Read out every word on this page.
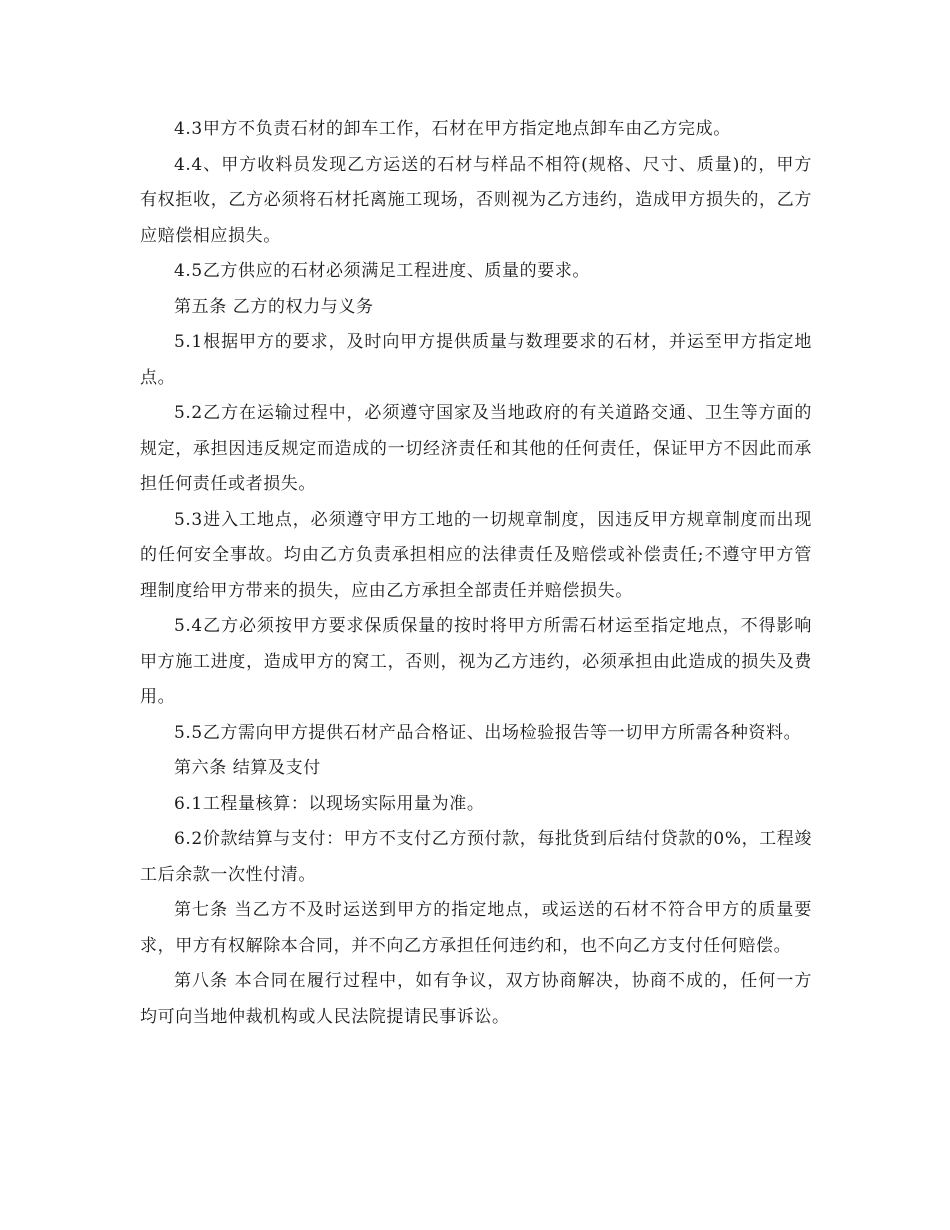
4.3甲方不负责石材的卸车工作，石材在甲方指定地点卸车由乙方完成。

4.4、甲方收料员发现乙方运送的石材与样品不相符(规格、尺寸、质量)的，甲方有权拒收，乙方必须将石材托离施工现场，否则视为乙方违约，造成甲方损失的，乙方应赔偿相应损失。

4.5乙方供应的石材必须满足工程进度、质量的要求。

第五条 乙方的权力与义务

5.1根据甲方的要求，及时向甲方提供质量与数理要求的石材，并运至甲方指定地点。

5.2乙方在运输过程中，必须遵守国家及当地政府的有关道路交通、卫生等方面的规定，承担因违反规定而造成的一切经济责任和其他的任何责任，保证甲方不因此而承担任何责任或者损失。

5.3进入工地点，必须遵守甲方工地的一切规章制度，因违反甲方规章制度而出现的任何安全事故。均由乙方负责承担相应的法律责任及赔偿或补偿责任;不遵守甲方管理制度给甲方带来的损失，应由乙方承担全部责任并赔偿损失。

5.4乙方必须按甲方要求保质保量的按时将甲方所需石材运至指定地点，不得影响甲方施工进度，造成甲方的窝工，否则，视为乙方违约，必须承担由此造成的损失及费用。

5.5乙方需向甲方提供石材产品合格证、出场检验报告等一切甲方所需各种资料。

第六条 结算及支付

6.1工程量核算：以现场实际用量为准。

6.2价款结算与支付：甲方不支付乙方预付款，每批货到后结付贷款的0%，工程竣工后余款一次性付清。

第七条 当乙方不及时运送到甲方的指定地点，或运送的石材不符合甲方的质量要求，甲方有权解除本合同，并不向乙方承担任何违约和，也不向乙方支付任何赔偿。

第八条 本合同在履行过程中，如有争议，双方协商解决，协商不成的，任何一方均可向当地仲裁机构或人民法院提请民事诉讼。
